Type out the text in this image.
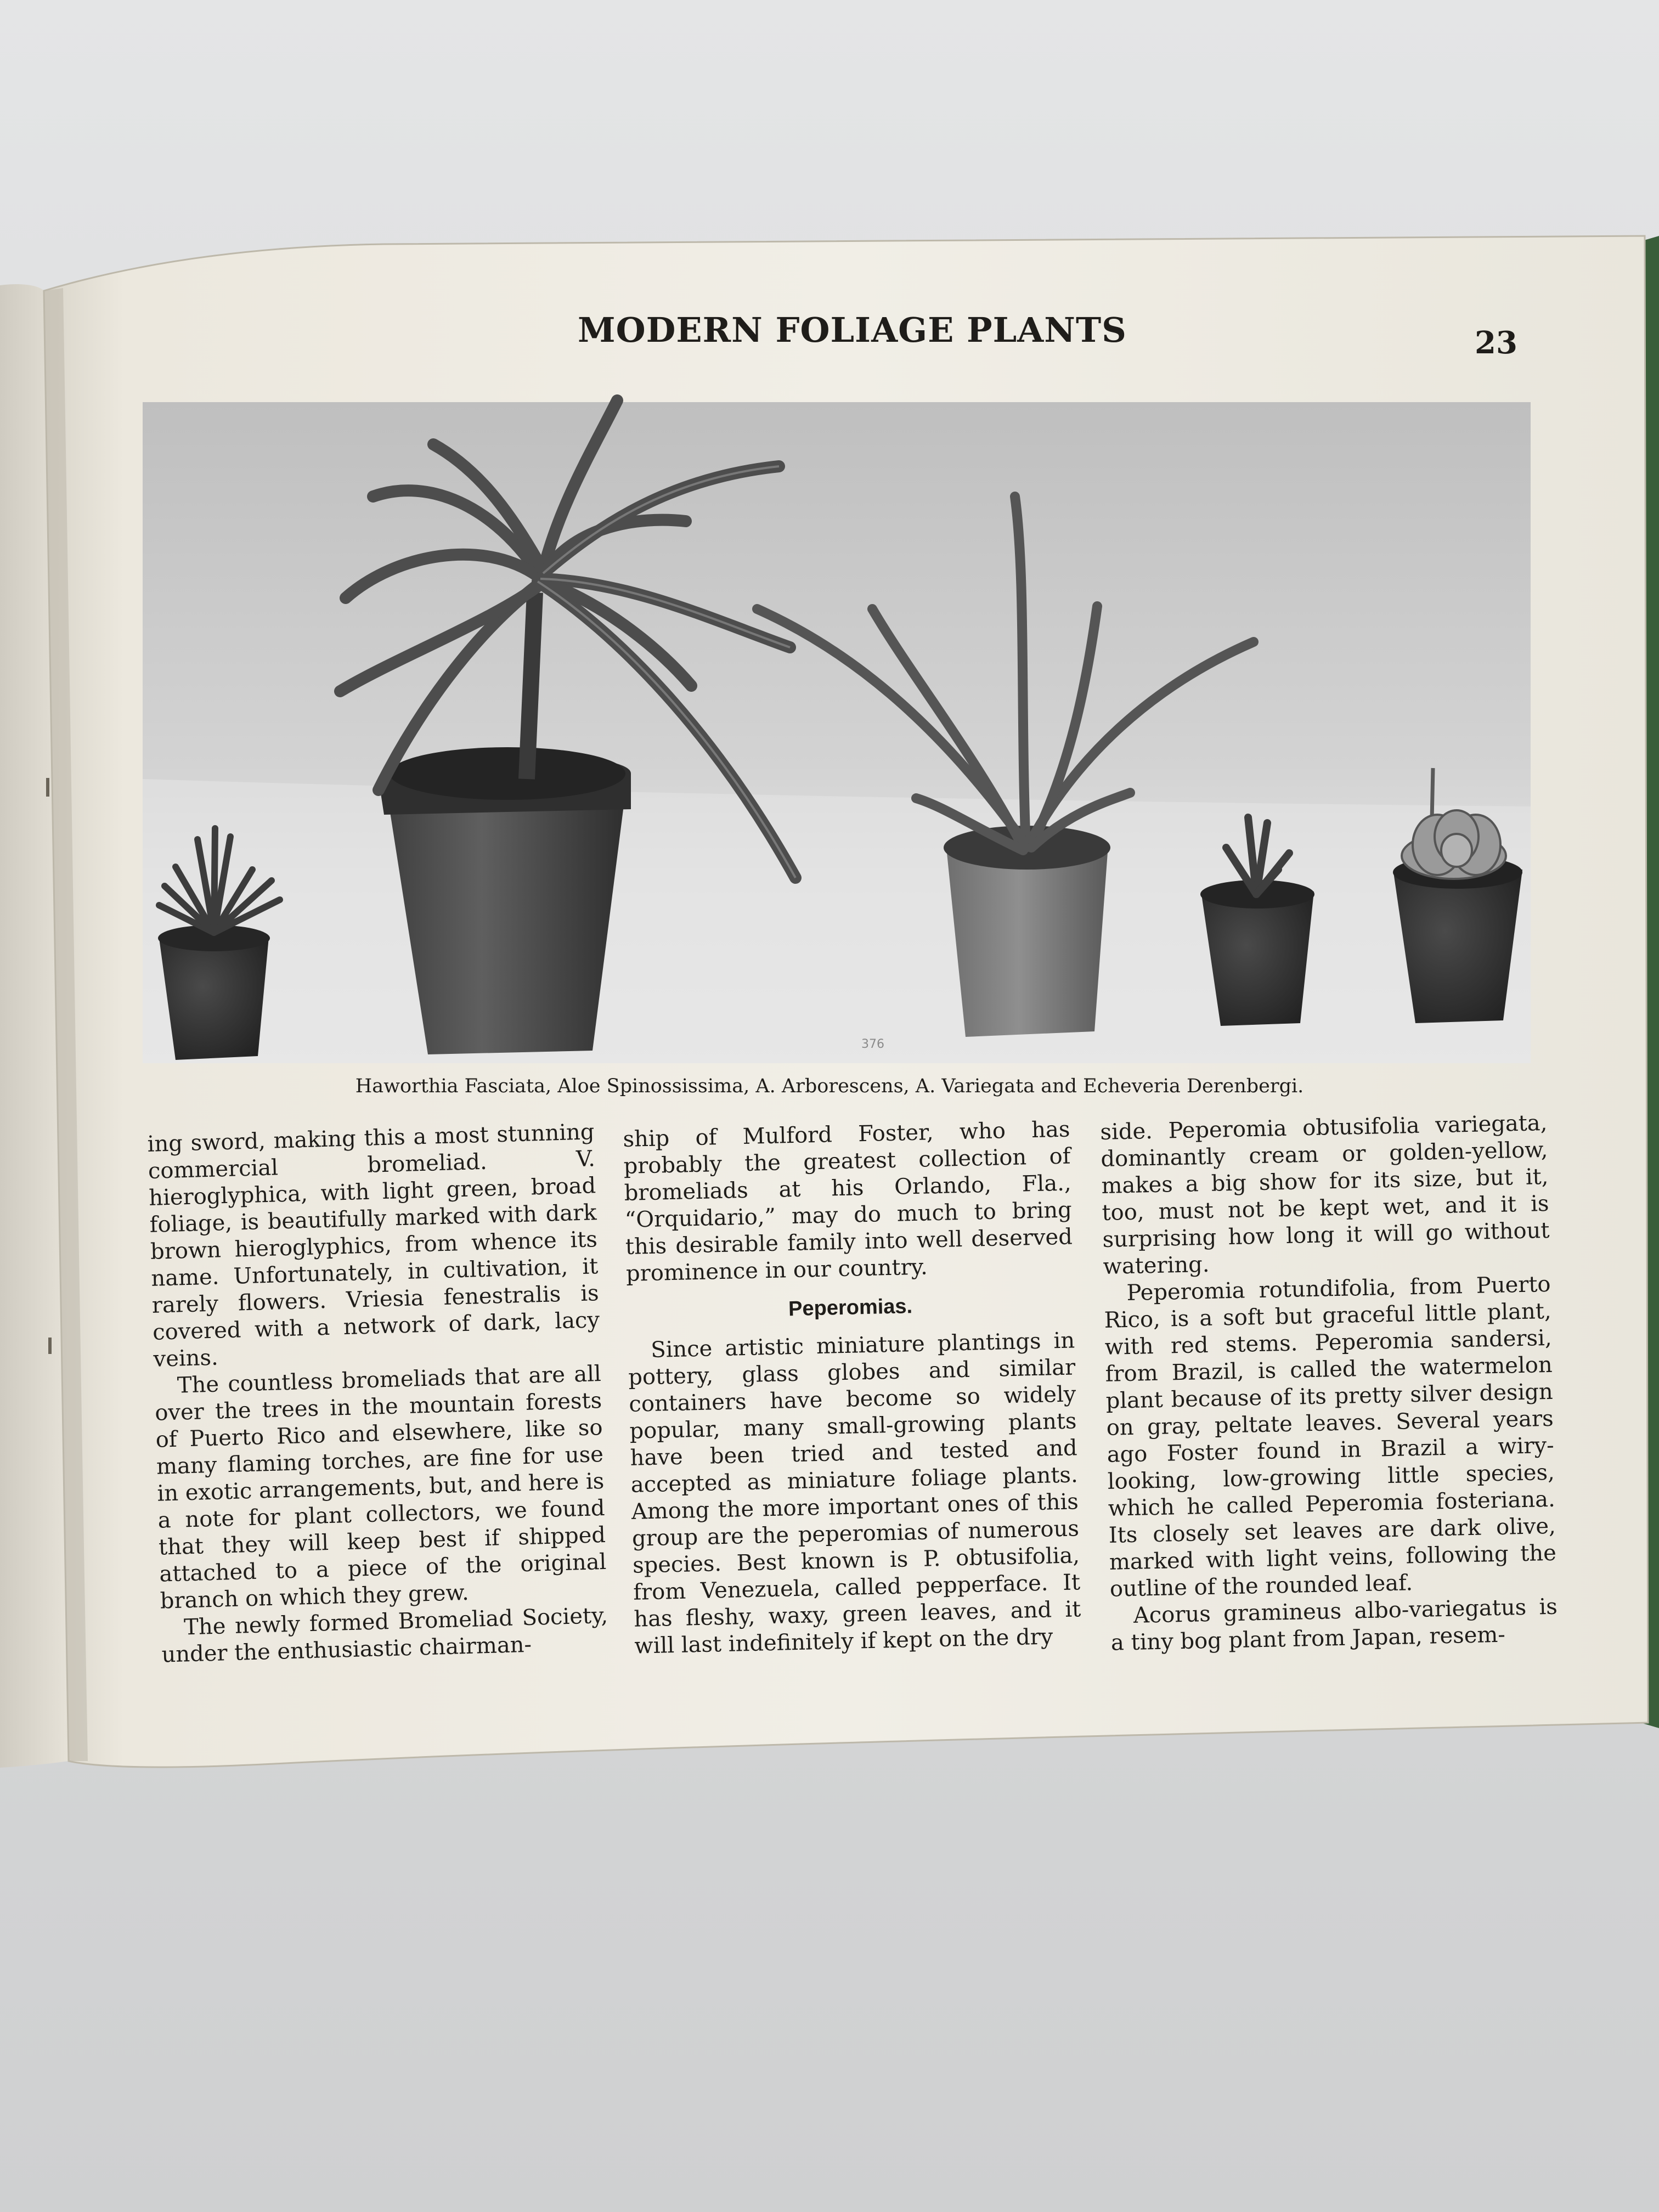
376
MODERN FOLIAGE PLANTS	23
Haworthia Fasciata, Aloe Spinossissima, A. Arborescens, A. Variegata and Echeveria Derenbergi.

ing sword, making this a most stunning commercial bromeliad. V. hieroglyphica, with light green, broad foliage, is beautifully marked with dark brown hieroglyphics, from whence its name. Unfortunately, in cultivation, it rarely flowers. Vriesia fenestralis is covered with a network of dark, lacy veins.

The countless bromeliads that are all over the trees in the mountain forests of Puerto Rico and elsewhere, like so many flaming torches, are fine for use in exotic arrangements, but, and here is a note for plant collectors, we found that they will keep best if shipped attached to a piece of the original branch on which they grew.

The newly formed Bromeliad Society, under the enthusiastic chairman-

ship of Mulford Foster, who has probably the greatest collection of bromeliads at his Orlando, Fla., “Orquidario,” may do much to bring this desirable family into well deserved prominence in our country.

Peperomias.

Since artistic miniature plantings in pottery, glass globes and similar containers have become so widely popular, many small-growing plants have been tried and tested and accepted as miniature foliage plants. Among the more important ones of this group are the peperomias of numerous species. Best known is P. obtusifolia, from Venezuela, called pepperface. It has fleshy, waxy, green leaves, and it will last indefinitely if kept on the dry

side. Peperomia obtusifolia variegata, dominantly cream or golden-yellow, makes a big show for its size, but it, too, must not be kept wet, and it is surprising how long it will go without watering.

Peperomia rotundifolia, from Puerto Rico, is a soft but graceful little plant, with red stems. Peperomia sandersi, from Brazil, is called the watermelon plant because of its pretty silver design on gray, peltate leaves. Several years ago Foster found in Brazil a wiry-looking, low-growing little species, which he called Peperomia fosteriana. Its closely set leaves are dark olive, marked with light veins, following the outline of the rounded leaf.

Acorus gramineus albo-variegatus is a tiny bog plant from Japan, resem-
